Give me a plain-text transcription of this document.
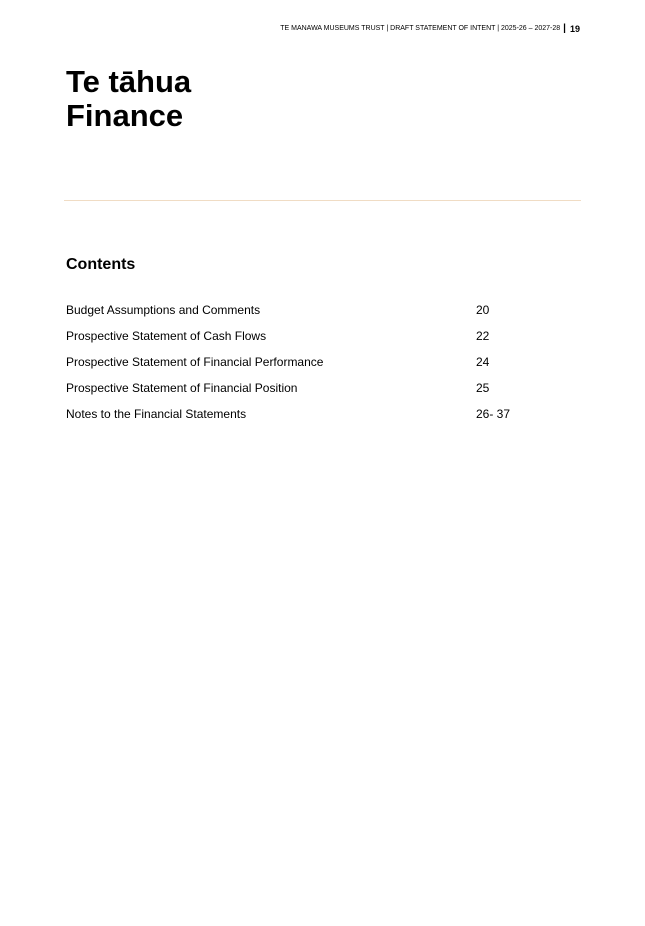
TE MANAWA MUSEUMS TRUST | DRAFT STATEMENT OF INTENT | 2025-26 – 2027-28 | 19
Te tāhua
Finance
Contents
Budget Assumptions and Comments	20
Prospective Statement of Cash Flows	22
Prospective Statement of Financial Performance	24
Prospective Statement of Financial Position	25
Notes to the Financial Statements	26- 37
